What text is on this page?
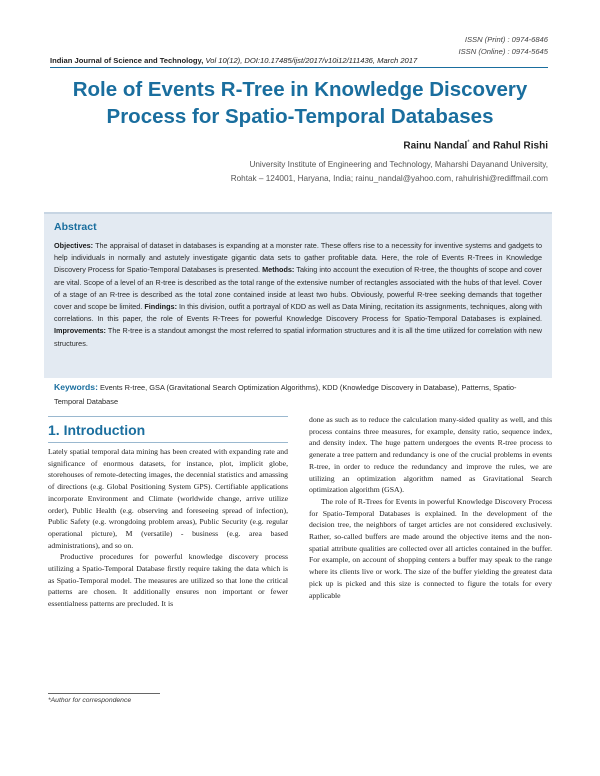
ISSN (Print) : 0974-6846
ISSN (Online) : 0974-5645
Indian Journal of Science and Technology, Vol 10(12), DOI:10.17485/ijst/2017/v10i12/111436, March 2017
Role of Events R-Tree in Knowledge Discovery
Process for Spatio-Temporal Databases
Rainu Nandal* and Rahul Rishi
University Institute of Engineering and Technology, Maharshi Dayanand University,
Rohtak – 124001, Haryana, India; rainu_nandal@yahoo.com, rahulrishi@rediffmail.com
Abstract
Objectives: The appraisal of dataset in databases is expanding at a monster rate. These offers rise to a necessity for inventive systems and gadgets to help individuals in normally and astutely investigate gigantic data sets to gather profitable data. Here, the role of Events R-Trees in Knowledge Discovery Process for Spatio-Temporal Databases is presented. Methods: Taking into account the execution of R-tree, the thoughts of scope and cover are vital. Scope of a level of an R-tree is described as the total range of the extensive number of rectangles associated with the hubs of that level. Cover of a stage of an R-tree is described as the total zone contained inside at least two hubs. Obviously, powerful R-tree seeking demands that together cover and scope be limited. Findings: In this division, outfit a portrayal of KDD as well as Data Mining, recitation its assignments, techniques, along with correlations. In this paper, the role of Events R-Trees for powerful Knowledge Discovery Process for Spatio-Temporal Databases is explained. Improvements: The R-tree is a standout amongst the most referred to spatial information structures and it is all the time utilized for correlation with new structures.
Keywords: Events R-tree, GSA (Gravitational Search Optimization Algorithms), KDD (Knowledge Discovery in Database), Patterns, Spatio-Temporal Database
1. Introduction

Lately spatial temporal data mining has been created with expanding rate and significance of enormous datasets, for instance, plot, implicit globe, storehouses of remote-detecting images, the decennial statistics and amassing of directions (e.g. Global Positioning System GPS). Certifiable applications incorporate Environment and Climate (worldwide change, arrive utilize order), Public Health (e.g. observing and foreseeing spread of infection), Public Safety (e.g. wrongdoing problem areas), Public Security (e.g. regular operational picture), M (versatile) - business (e.g. area based administrations), and so on.

Productive procedures for powerful knowledge discovery process utilizing a Spatio-Temporal Database firstly require taking the data which is as Spatio-Temporal model. The measures are utilized so that lone the critical patterns are chosen. It additionally ensures non important or fewer essentialness patterns are precluded. It is

done as such as to reduce the calculation many-sided quality as well, and this process contains three measures, for example, density ratio, sequence index, and density index. The huge pattern undergoes the events R-tree process to generate a tree pattern and redundancy is one of the crucial problems in events R-tree, in order to reduce the redundancy and improve the rules, we are utilizing an optimization algorithm named as Gravitational Search optimization algorithm (GSA).

The role of R-Trees for Events in powerful Knowledge Discovery Process for Spatio-Temporal Databases is explained. In the development of the decision tree, the neighbors of target articles are not considered exclusively. Rather, so-called buffers are made around the objective items and the non-spatial attribute qualities are collected over all articles contained in the buffer. For example, on account of shopping centers a buffer may speak to the range where its clients live or work. The size of the buffer yielding the greatest data pick up is picked and this size is connected to figure the totals for every applicable

*Author for correspondence
